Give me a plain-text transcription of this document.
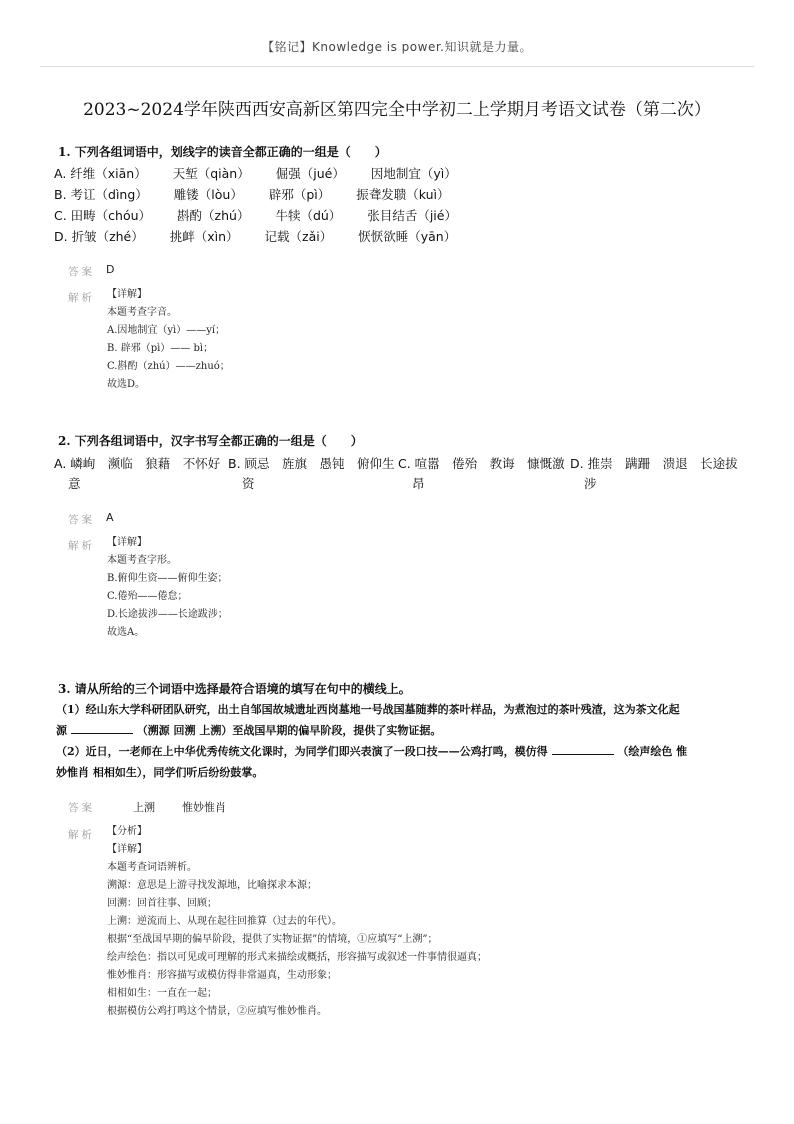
【铭记】Knowledge is power.知识就是力量。
2023~2024学年陕西西安高新区第四完全中学初二上学期月考语文试卷（第二次）
1. 下列各组词语中，划线字的读音全都正确的一组是（　　）
A. 纤维（xiān） 天堑（qiàn） 倔强（jué） 因地制宜（yì）
B. 考讧（dìng） 雕镂（lòu） 辟邪（pì） 振聋发聩（kuì）
C. 田畴（chóu） 斟酌（zhú） 牛犊（dú） 张目结舌（jié）
D. 折皱（zhé） 挑衅（xìn） 记载（zǎi） 恹恹欲睡（yān）
答案 D
解析 【详解】
本题考查字音。
A.因地制宜（yì）——yí；
B. 辟邪（pì）—— bì；
C.斟酌（zhú）——zhuó；
故选D。
2. 下列各组词语中，汉字书写全都正确的一组是（　　）
A. 嶙峋　濒临　狼藉　不怀好
意
B. 顾忌　旌旗　愚钝　俯仰生
资
C. 喧嚣　倦殆　教诲　慷慨激
昂
D. 推崇　蹒跚　溃退　长途拔
涉
答案 A
解析 【详解】
本题考查字形。
B.俯仰生资——俯仰生姿；
C.倦殆——倦怠；
D.长途拔涉——长途跋涉；
故选A。
3. 请从所给的三个词语中选择最符合语境的填写在句中的横线上。
（1）经山东大学科研团队研究，出土自邹国故城遗址西岗墓地一号战国墓随葬的茶叶样品，为煮泡过的茶叶残渣，这为茶文化起
源	（溯源 回溯 上溯）至战国早期的偏早阶段，提供了实物证据。
（2）近日，一老师在上中华优秀传统文化课时，为同学们即兴表演了一段口技——公鸡打鸣，模仿得	（绘声绘色 惟
妙惟肖 相相如生），同学们听后纷纷鼓掌。
答案	上溯 惟妙惟肖
解析 【分析】
【详解】
本题考查词语辨析。
溯源：意思是上游寻找发源地，比喻探求本源；
回溯：回首往事、回顾；
上溯：逆流而上、从现在起往回推算（过去的年代）。
根据“至战国早期的偏早阶段，提供了实物证据”的情境，①应填写“上溯”；
绘声绘色：指以可见或可理解的形式来描绘或概括，形容描写或叙述一件事情很逼真；
惟妙惟肖：形容描写或模仿得非常逼真，生动形象；
相相如生：一直在一起；
根据模仿公鸡打鸣这个情景，②应填写惟妙惟肖。
